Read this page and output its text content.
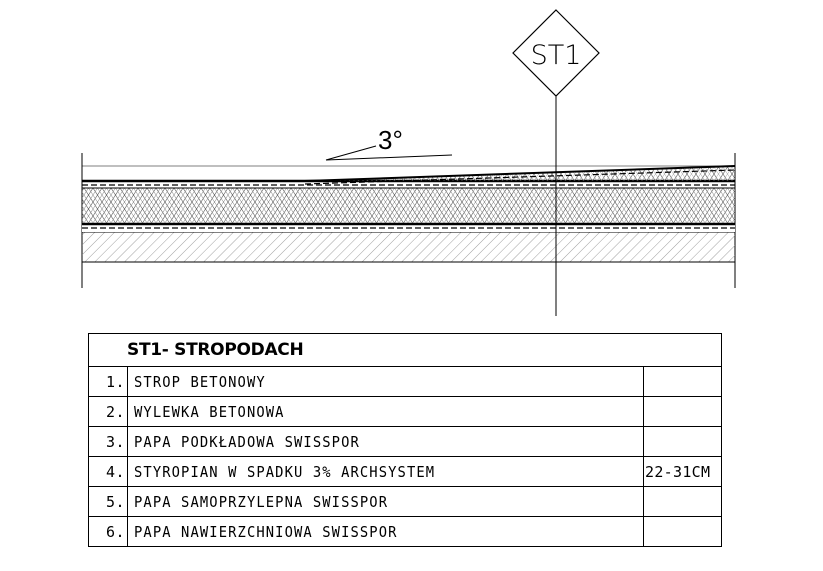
3°
ST1
ST1- STROPODACH		
1.	STROP BETONOWY	
2.	WYLEWKA BETONOWA	
3.	PAPA PODKŁADOWA SWISSPOR	
4.	STYROPIAN W SPADKU 3% ARCHSYSTEM	22-31CM
5.	PAPA SAMOPRZYLEPNA SWISSPOR	
6.	PAPA NAWIERZCHNIOWA SWISSPOR	
